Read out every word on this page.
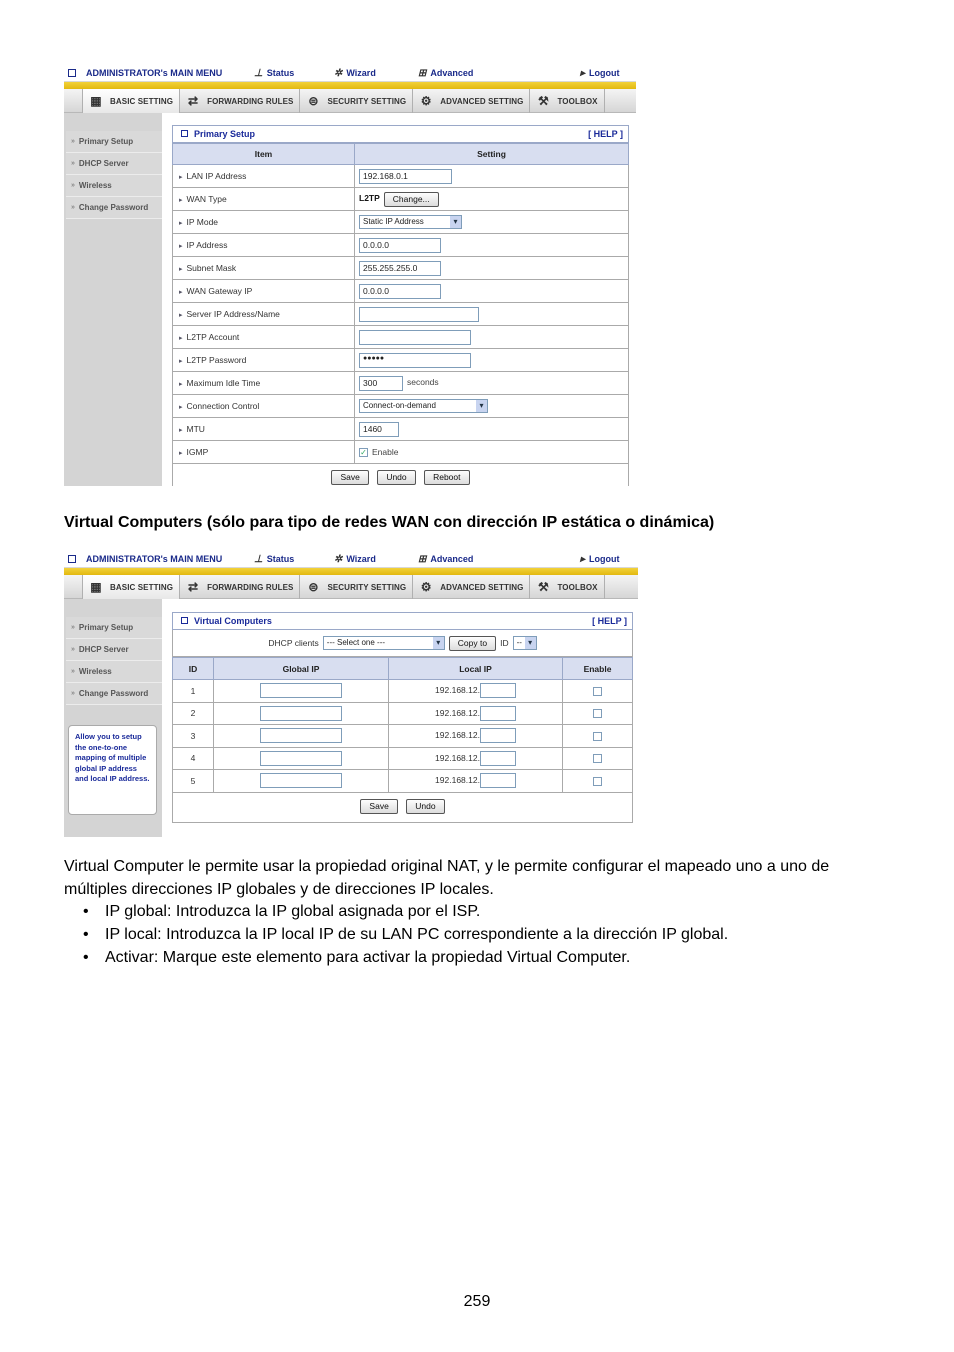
ADMINISTRATOR's MAIN MENU	⊥ Status	✲ Wizard	⊞ Advanced	▸ Logout
▦	BASIC SETTING	⇄	FORWARDING RULES	⊜	SECURITY SETTING ⚙	ADVANCED SETTING ⚒	TOOLBOX
» Primary Setup
» DHCP Server
» Wireless
» Change Password
Primary Setup	[ HELP ]
Item	Setting
▸ LAN IP Address	192.168.0.1
▸ WAN Type	L2TP Change...
▸ IP Mode	Static IP Address ▾
▸ IP Address	0.0.0.0
▸ Subnet Mask	255.255.255.0
▸ WAN Gateway IP	0.0.0.0
▸ Server IP Address/Name	
▸ L2TP Account	
▸ L2TP Password	●●●●●
▸ Maximum Idle Time	300 seconds
▸ Connection Control	Connect-on-demand ▾
▸ MTU	1460
▸ IGMP	✓ Enable
Save	Undo	Reboot
Virtual Computers (sólo para tipo de redes WAN con dirección IP estática o dinámica)
ADMINISTRATOR's MAIN MENU	⊥ Status	✲ Wizard	⊞ Advanced	▸ Logout
▦	BASIC SETTING	⇄	FORWARDING RULES	⊜	SECURITY SETTING ⚙	ADVANCED SETTING ⚒	TOOLBOX
» Primary Setup
» DHCP Server
» Wireless
» Change Password
Allow you to setup the one-to-one mapping of multiple global IP address and local IP address.
Virtual Computers	[ HELP ]
DHCP clients	--- Select one --- ▾	Copy to	ID	-- ▾
ID	Global IP	Local IP	Enable
1		192.168.12.	
2		192.168.12.	
3		192.168.12.	
4		192.168.12.	
5		192.168.12.	
Save	Undo

Virtual Computer le permite usar la propiedad original NAT, y le permite configurar el mapeado uno a uno de múltiples direcciones IP globales y de direcciones IP locales.

• IP global: Introduzca la IP global asignada por el ISP.
• IP local: Introduzca la IP local IP de su LAN PC correspondiente a la dirección IP global.
• Activar: Marque este elemento para activar la propiedad Virtual Computer.
259
